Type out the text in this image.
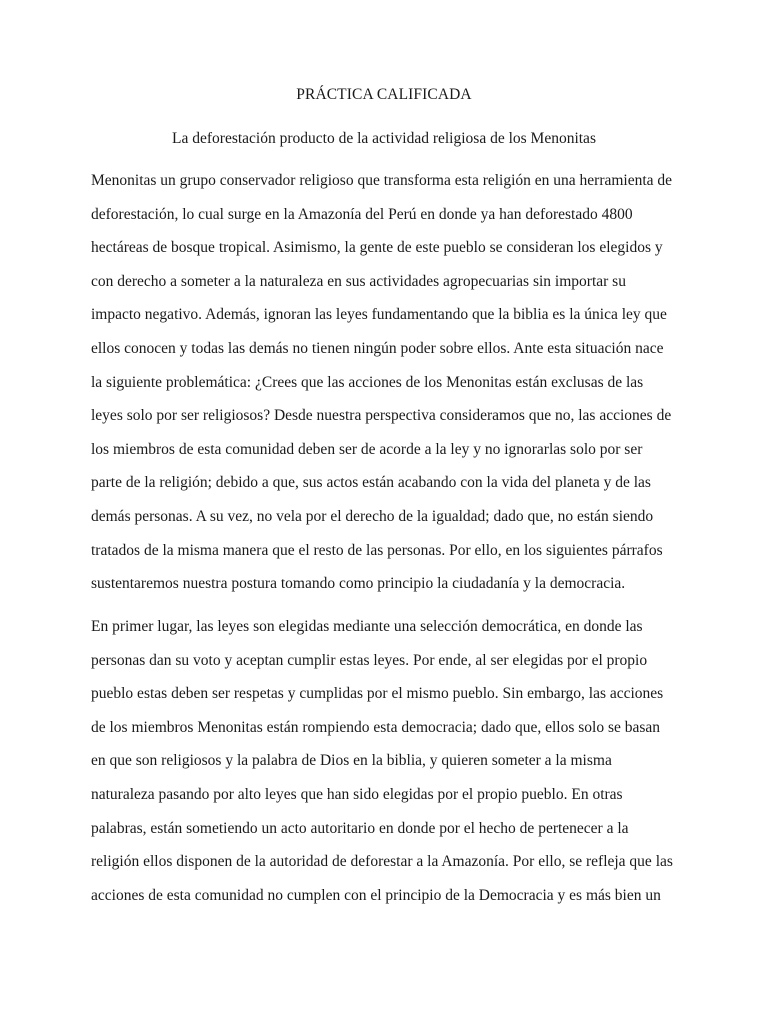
PRÁCTICA CALIFICADA
La deforestación producto de la actividad religiosa de los Menonitas
Menonitas un grupo conservador religioso que transforma esta religión en una herramienta de
deforestación, lo cual surge en la Amazonía del Perú en donde ya han deforestado 4800
hectáreas de bosque tropical. Asimismo, la gente de este pueblo se consideran los elegidos y
con derecho a someter a la naturaleza en sus actividades agropecuarias sin importar su
impacto negativo. Además, ignoran las leyes fundamentando que la biblia es la única ley que
ellos conocen y todas las demás no tienen ningún poder sobre ellos. Ante esta situación nace
la siguiente problemática: ¿Crees que las acciones de los Menonitas están exclusas de las
leyes solo por ser religiosos? Desde nuestra perspectiva consideramos que no, las acciones de
los miembros de esta comunidad deben ser de acorde a la ley y no ignorarlas solo por ser
parte de la religión; debido a que, sus actos están acabando con la vida del planeta y de las
demás personas. A su vez, no vela por el derecho de la igualdad; dado que, no están siendo
tratados de la misma manera que el resto de las personas. Por ello, en los siguientes párrafos
sustentaremos nuestra postura tomando como principio la ciudadanía y la democracia.
En primer lugar, las leyes son elegidas mediante una selección democrática, en donde las
personas dan su voto y aceptan cumplir estas leyes. Por ende, al ser elegidas por el propio
pueblo estas deben ser respetas y cumplidas por el mismo pueblo. Sin embargo, las acciones
de los miembros Menonitas están rompiendo esta democracia; dado que, ellos solo se basan
en que son religiosos y la palabra de Dios en la biblia, y quieren someter a la misma
naturaleza pasando por alto leyes que han sido elegidas por el propio pueblo. En otras
palabras, están sometiendo un acto autoritario en donde por el hecho de pertenecer a la
religión ellos disponen de la autoridad de deforestar a la Amazonía. Por ello, se refleja que las
acciones de esta comunidad no cumplen con el principio de la Democracia y es más bien un
